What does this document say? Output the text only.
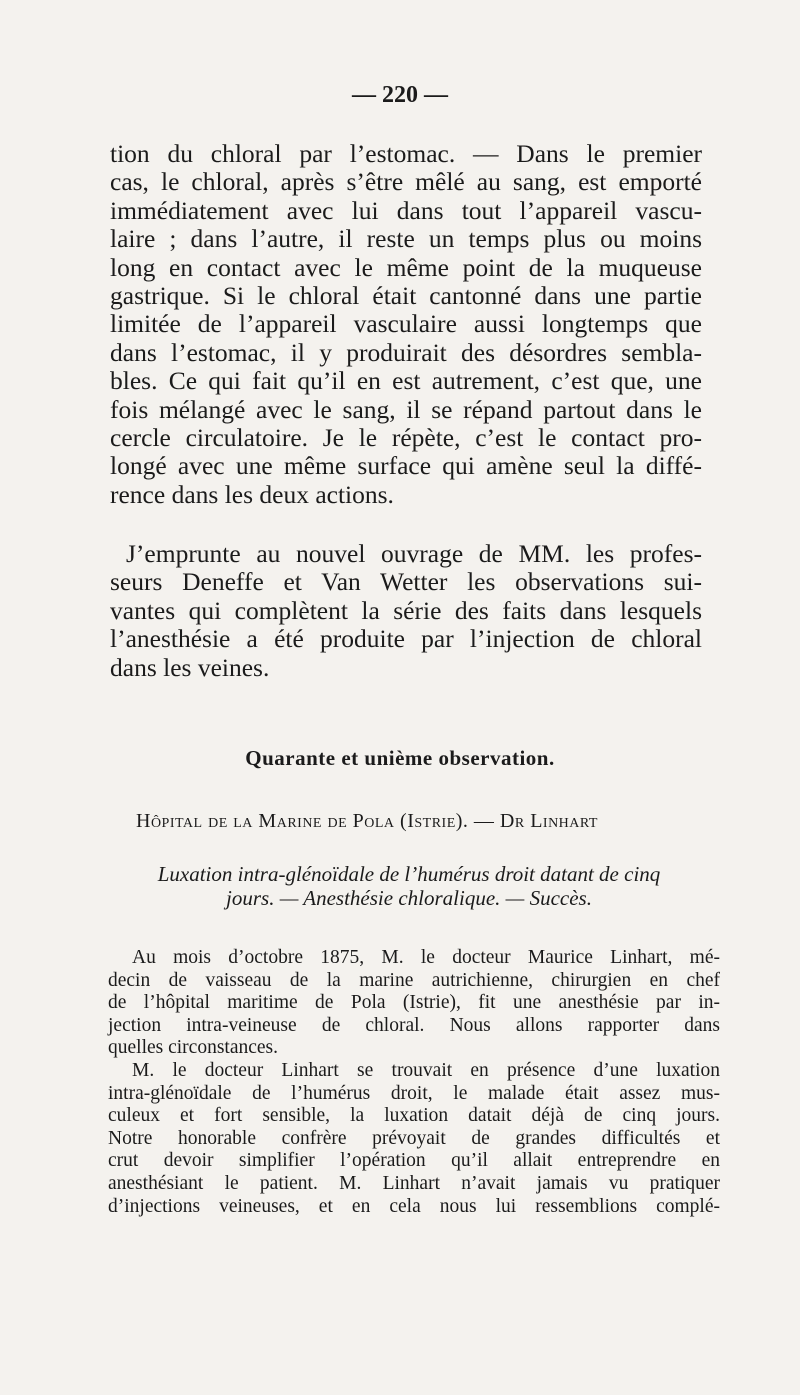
— 220 —
tion du chloral par l’estomac. — Dans le premier
cas, le chloral, après s’être mêlé au sang, est emporté
immédiatement avec lui dans tout l’appareil vascu-
laire ; dans l’autre, il reste un temps plus ou moins
long en contact avec le même point de la muqueuse
gastrique. Si le chloral était cantonné dans une partie
limitée de l’appareil vasculaire aussi longtemps que
dans l’estomac, il y produirait des désordres sembla-
bles. Ce qui fait qu’il en est autrement, c’est que, une
fois mélangé avec le sang, il se répand partout dans le
cercle circulatoire. Je le répète, c’est le contact pro-
longé avec une même surface qui amène seul la diffé-
rence dans les deux actions.
J’emprunte au nouvel ouvrage de MM. les profes-
seurs Deneffe et Van Wetter les observations sui-
vantes qui complètent la série des faits dans lesquels
l’anesthésie a été produite par l’injection de chloral
dans les veines.
Quarante et unième observation.
Hôpital de la Marine de Pola (Istrie). — Dr Linhart
Luxation intra-glénoïdale de l’humérus droit datant de cinq
jours. — Anesthésie chloralique. — Succès.
Au mois d’octobre 1875, M. le docteur Maurice Linhart, mé-
decin de vaisseau de la marine autrichienne, chirurgien en chef
de l’hôpital maritime de Pola (Istrie), fit une anesthésie par in-
jection intra-veineuse de chloral. Nous allons rapporter dans
quelles circonstances.
M. le docteur Linhart se trouvait en présence d’une luxation
intra-glénoïdale de l’humérus droit, le malade était assez mus-
culeux et fort sensible, la luxation datait déjà de cinq jours.
Notre honorable confrère prévoyait de grandes difficultés et
crut devoir simplifier l’opération qu’il allait entreprendre en
anesthésiant le patient. M. Linhart n’avait jamais vu pratiquer
d’injections veineuses, et en cela nous lui ressemblions complé-
